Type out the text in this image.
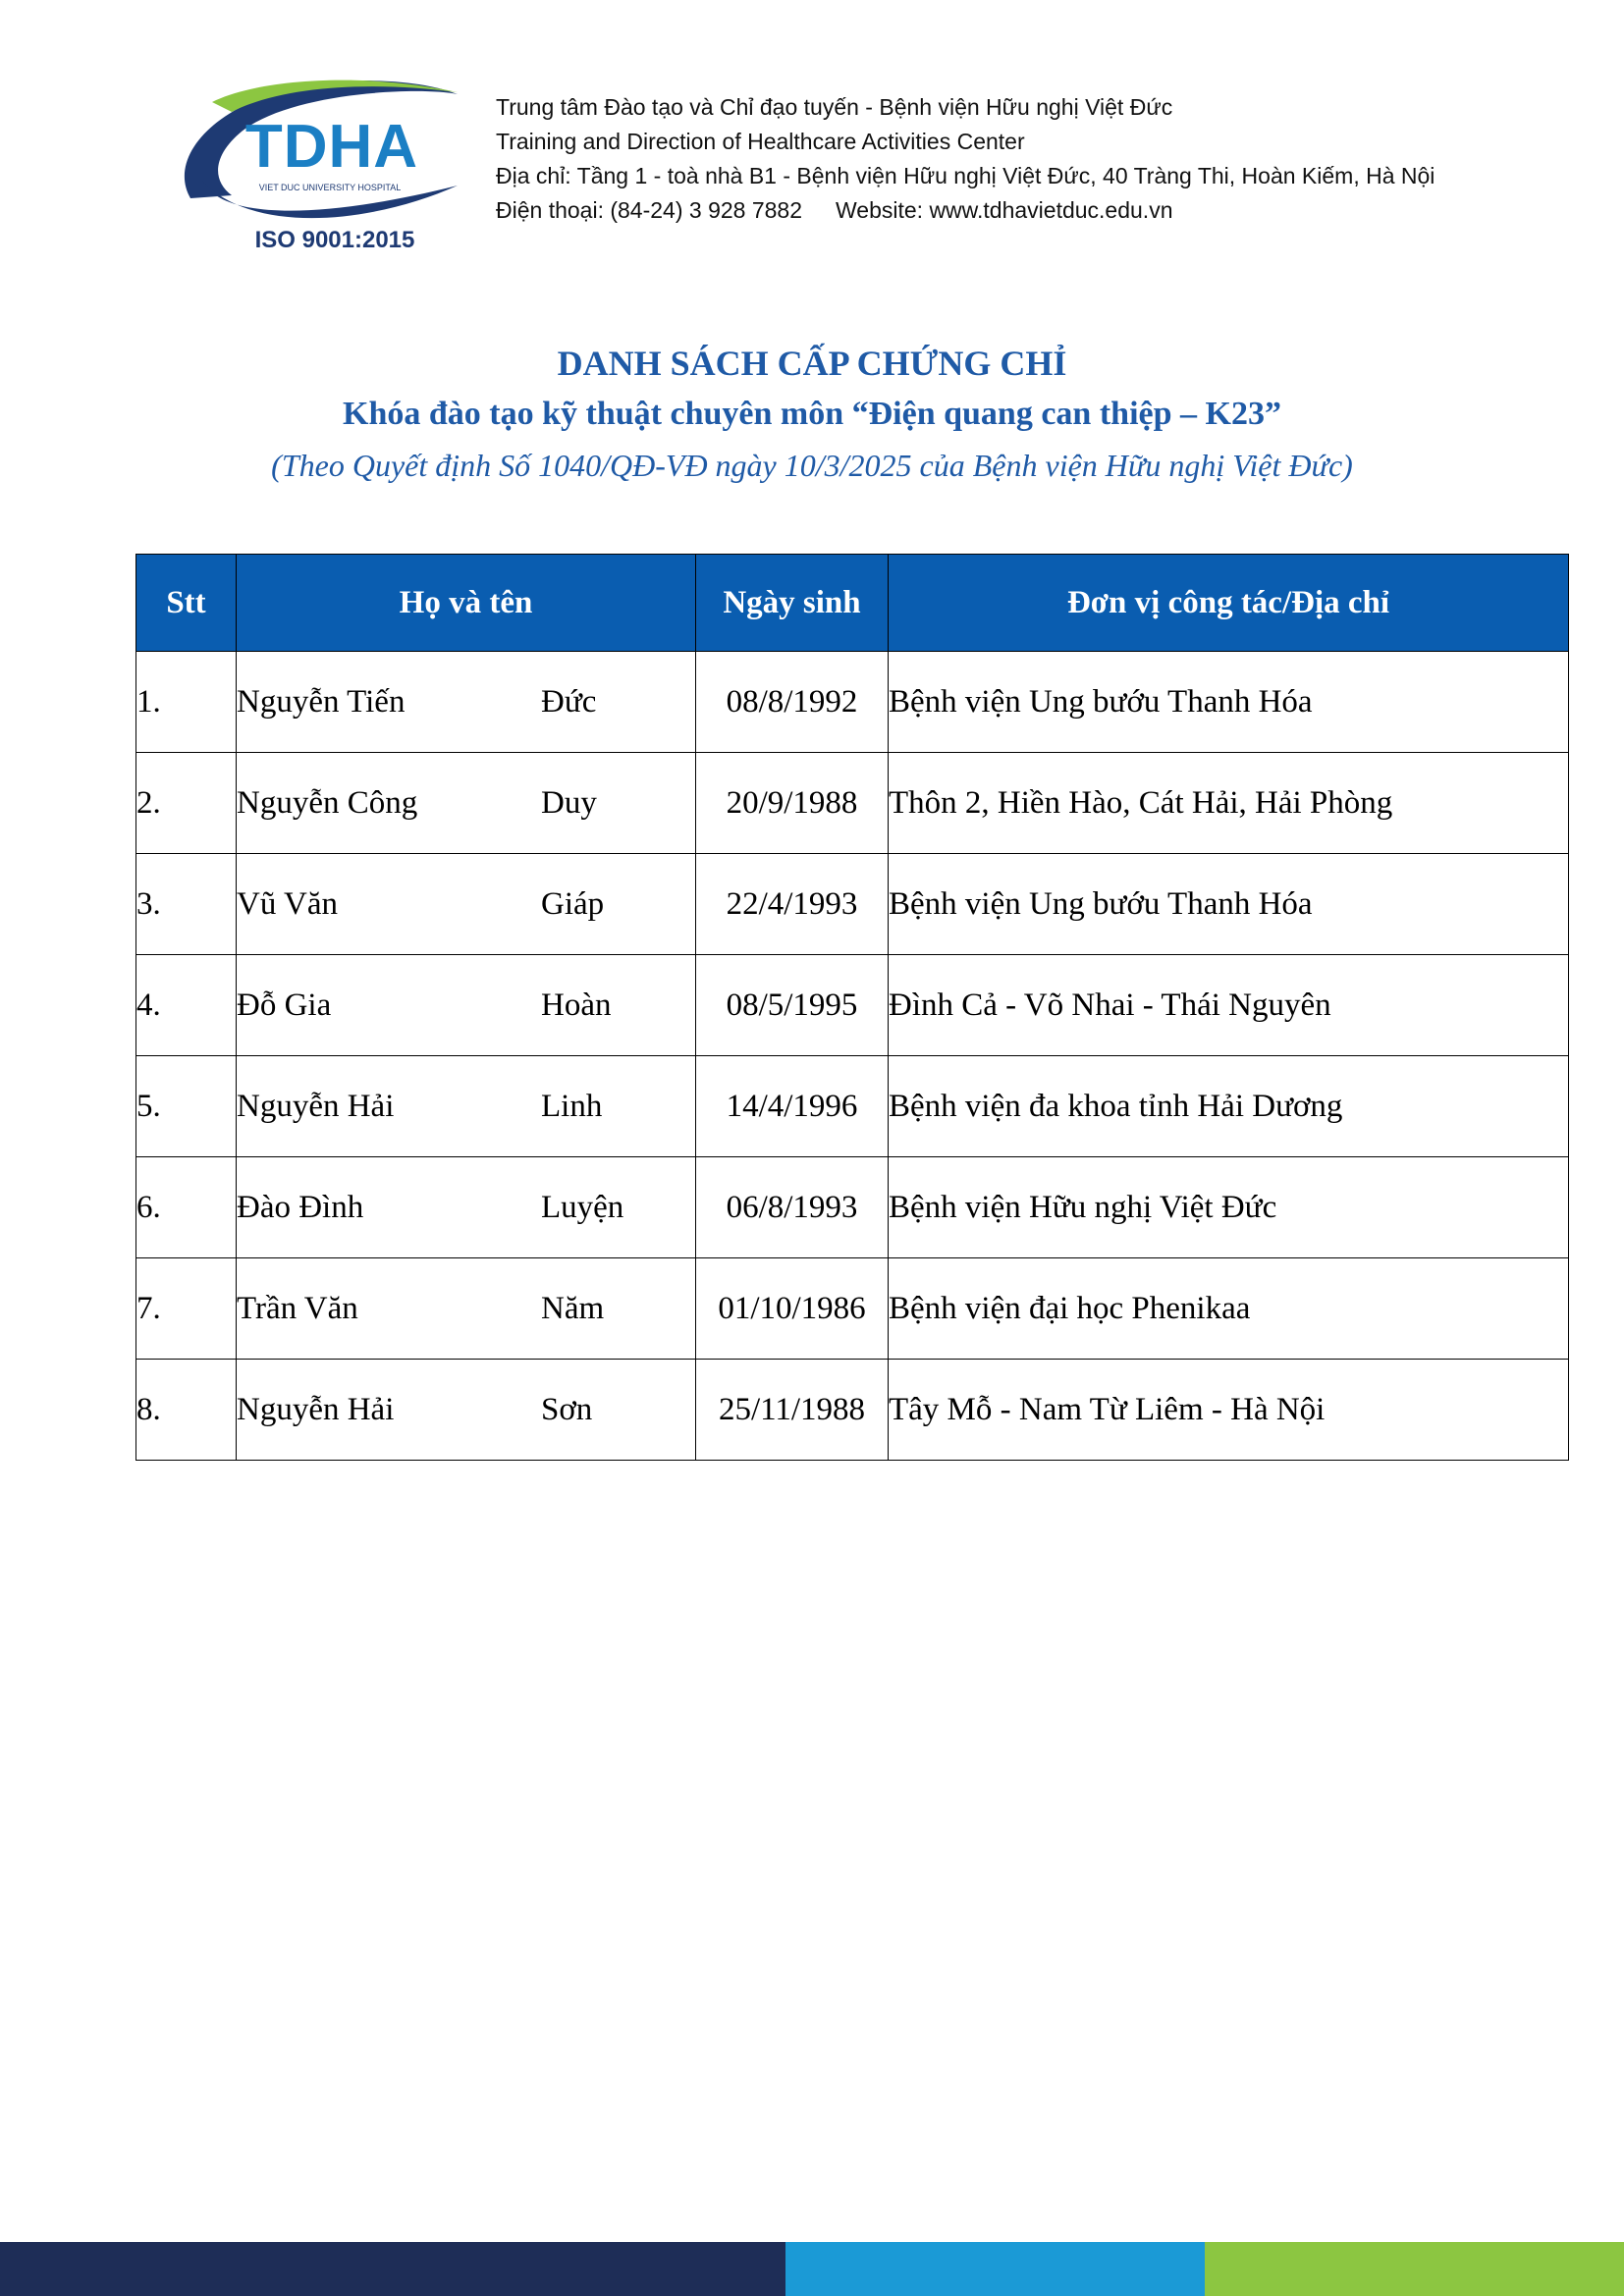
TDHA
VIET DUC UNIVERSITY HOSPITAL
ISO 9001:2015
Trung tâm Đào tạo và Chỉ đạo tuyến - Bệnh viện Hữu nghị Việt Đức
Training and Direction of Healthcare Activities Center
Địa chỉ: Tầng 1 - toà nhà B1 - Bệnh viện Hữu nghị Việt Đức, 40 Tràng Thi, Hoàn Kiếm, Hà Nội
Điện thoại: (84-24) 3 928 7882 Website: www.tdhavietduc.edu.vn
DANH SÁCH CẤP CHỨNG CHỈ
Khóa đào tạo kỹ thuật chuyên môn “Điện quang can thiệp – K23”
(Theo Quyết định Số 1040/QĐ-VĐ ngày 10/3/2025 của Bệnh viện Hữu nghị Việt Đức)
Stt	Họ và tên	Ngày sinh	Đơn vị công tác/Địa chỉ
1.	Nguyễn Tiến Đức	08/8/1992	Bệnh viện Ung bướu Thanh Hóa
2.	Nguyễn Công Duy	20/9/1988	Thôn 2, Hiền Hào, Cát Hải, Hải Phòng
3.	Vũ Văn Giáp	22/4/1993	Bệnh viện Ung bướu Thanh Hóa
4.	Đỗ Gia Hoàn	08/5/1995	Đình Cả - Võ Nhai - Thái Nguyên
5.	Nguyễn Hải Linh	14/4/1996	Bệnh viện đa khoa tỉnh Hải Dương
6.	Đào Đình Luyện	06/8/1993	Bệnh viện Hữu nghị Việt Đức
7.	Trần Văn Năm	01/10/1986	Bệnh viện đại học Phenikaa
8.	Nguyễn Hải Sơn	25/11/1988	Tây Mỗ - Nam Từ Liêm - Hà Nội
